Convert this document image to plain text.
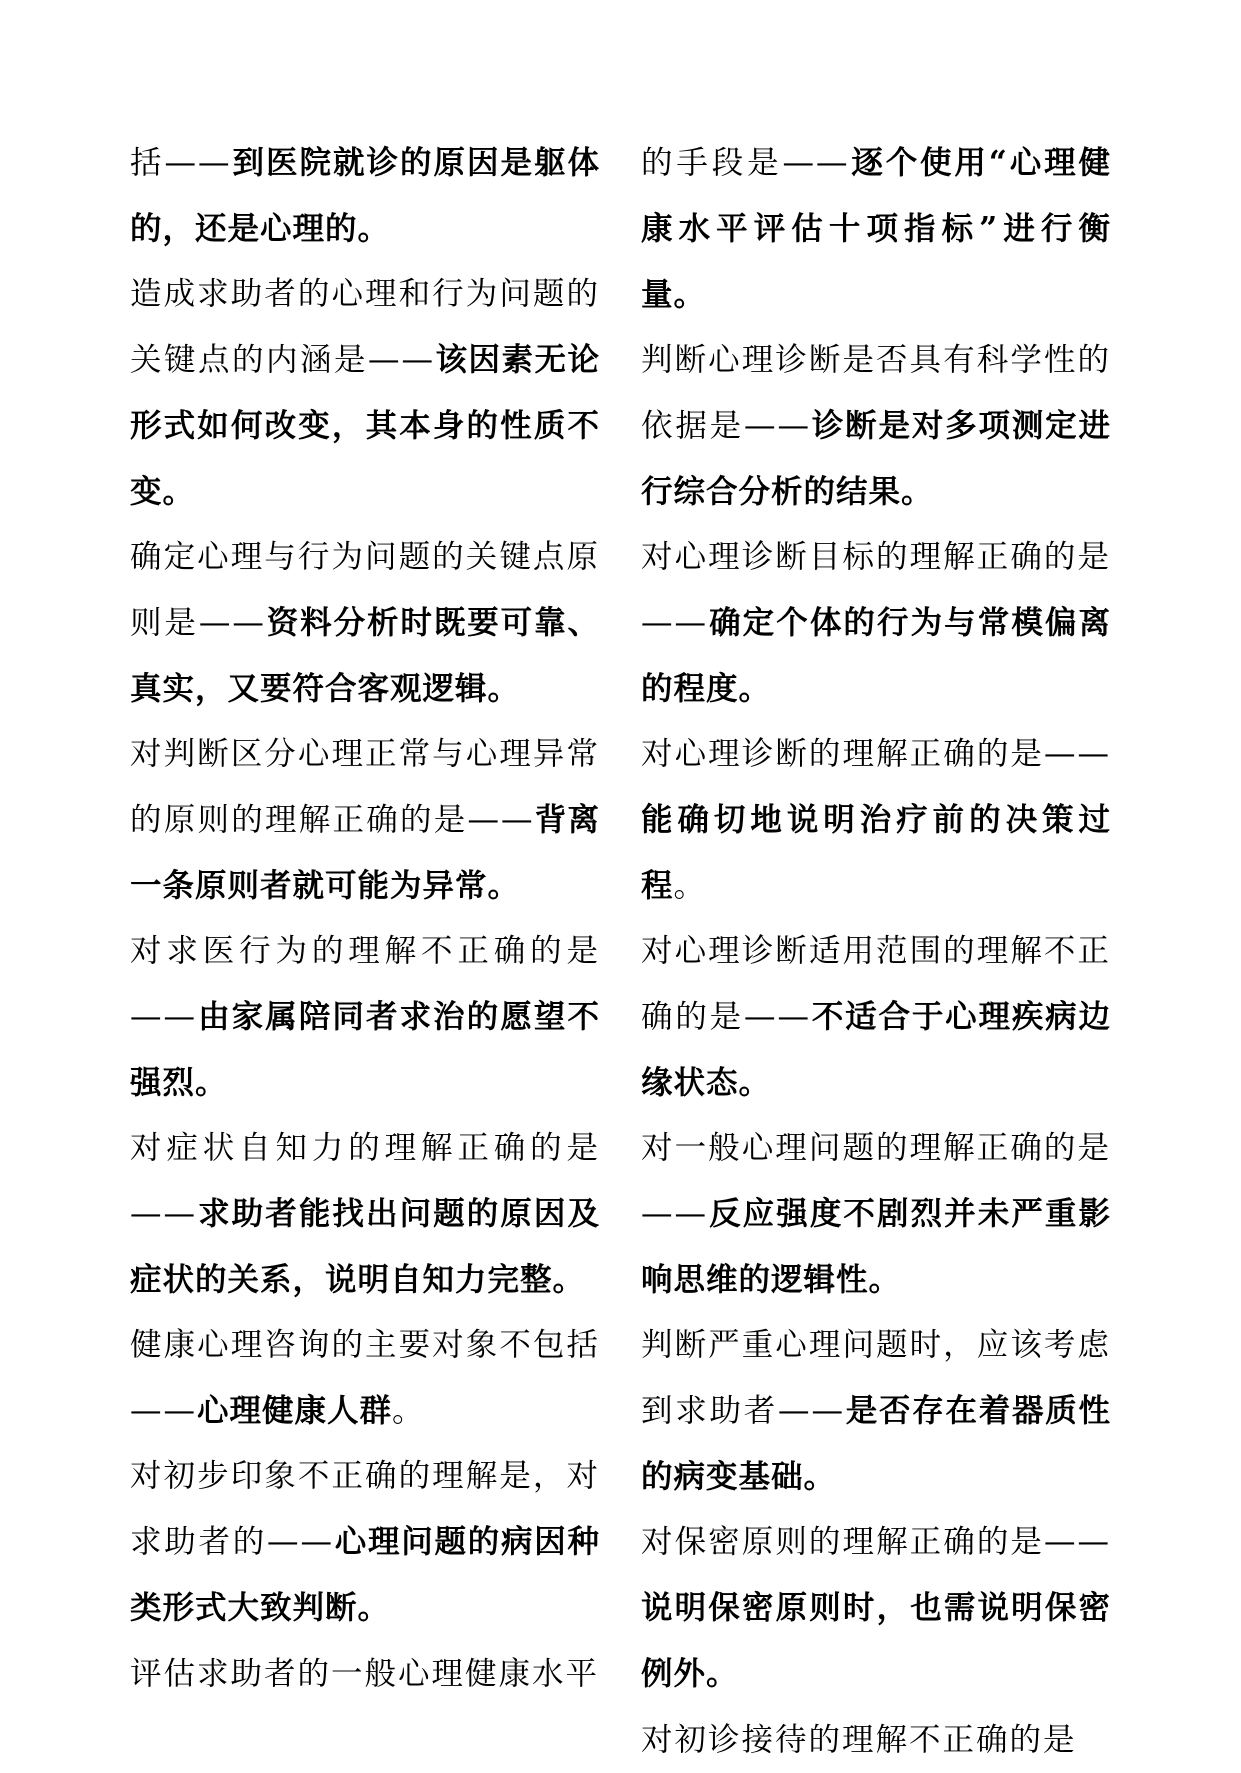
括——到医院就诊的原因是躯体的，还是心理的。

造成求助者的心理和行为问题的关键点的内涵是——该因素无论形式如何改变，其本身的性质不变。

确定心理与行为问题的关键点原则是——资料分析时既要可靠、真实，又要符合客观逻辑。

对判断区分心理正常与心理异常的原则的理解正确的是——背离一条原则者就可能为异常。

对求医行为的理解不正确的是——由家属陪同者求治的愿望不强烈。

对症状自知力的理解正确的是——求助者能找出问题的原因及症状的关系，说明自知力完整。

健康心理咨询的主要对象不包括——心理健康人群。

对初步印象不正确的理解是，对求助者的——心理问题的病因种类形式大致判断。

评估求助者的一般心理健康水平

的手段是——逐个使用“心理健康水平评估十项指标”进行衡量。

判断心理诊断是否具有科学性的依据是——诊断是对多项测定进行综合分析的结果。

对心理诊断目标的理解正确的是——确定个体的行为与常模偏离的程度。

对心理诊断的理解正确的是——能确切地说明治疗前的决策过程。

对心理诊断适用范围的理解不正确的是——不适合于心理疾病边缘状态。

对一般心理问题的理解正确的是——反应强度不剧烈并未严重影响思维的逻辑性。

判断严重心理问题时，应该考虑到求助者——是否存在着器质性的病变基础。

对保密原则的理解正确的是——说明保密原则时，也需说明保密例外。

对初诊接待的理解不正确的是
